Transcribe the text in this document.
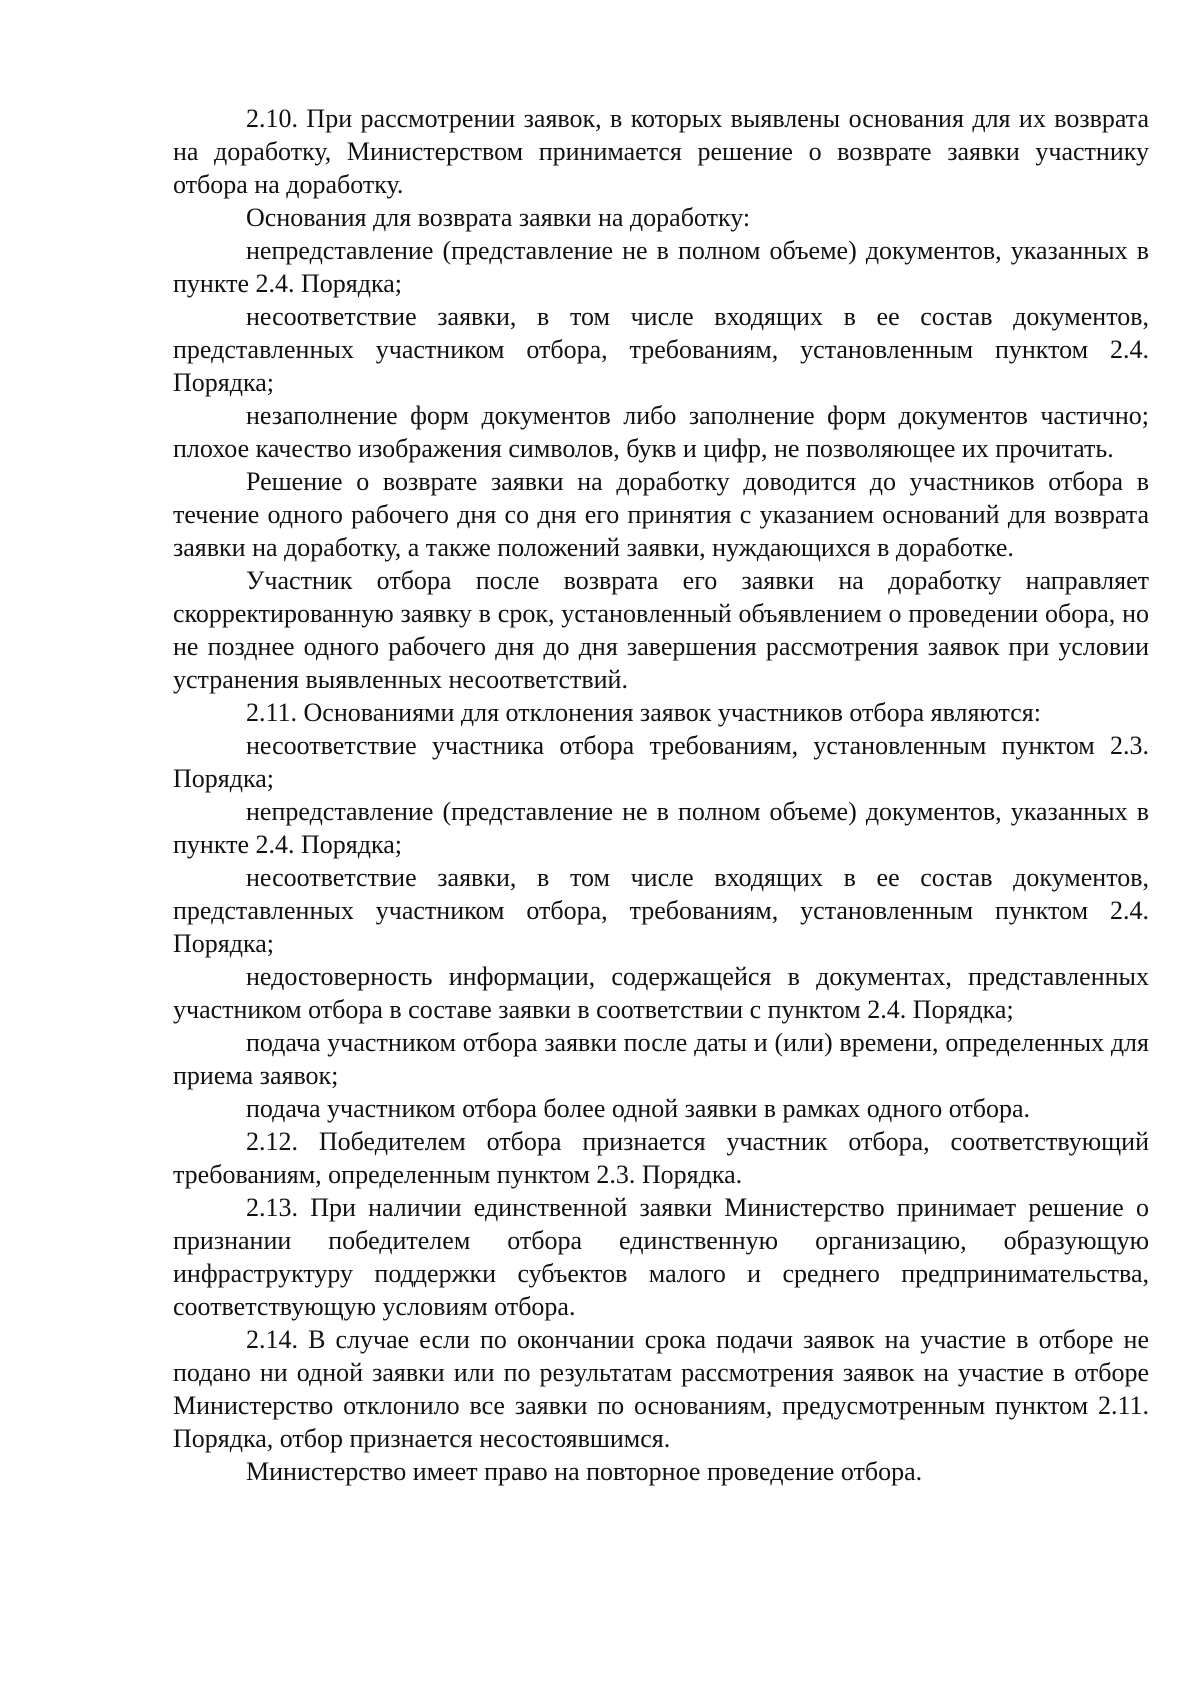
2.10. При рассмотрении заявок, в которых выявлены основания для их возврата на доработку, Министерством принимается решение о возврате заявки участнику отбора на доработку.

Основания для возврата заявки на доработку:

непредставление (представление не в полном объеме) документов, указанных в пункте 2.4. Порядка;

несоответствие заявки, в том числе входящих в ее состав документов, представленных участником отбора, требованиям, установленным пунктом 2.4. Порядка;

незаполнение форм документов либо заполнение форм документов частично; плохое качество изображения символов, букв и цифр, не позволяющее их прочитать.

Решение о возврате заявки на доработку доводится до участников отбора в течение одного рабочего дня со дня его принятия с указанием оснований для возврата заявки на доработку, а также положений заявки, нуждающихся в доработке.

Участник отбора после возврата его заявки на доработку направляет скорректированную заявку в срок, установленный объявлением о проведении обора, но не позднее одного рабочего дня до дня завершения рассмотрения заявок при условии устранения выявленных несоответствий.

2.11. Основаниями для отклонения заявок участников отбора являются:

несоответствие участника отбора требованиям, установленным пунктом 2.3. Порядка;

непредставление (представление не в полном объеме) документов, указанных в пункте 2.4. Порядка;

несоответствие заявки, в том числе входящих в ее состав документов, представленных участником отбора, требованиям, установленным пунктом 2.4. Порядка;

недостоверность информации, содержащейся в документах, представленных участником отбора в составе заявки в соответствии с пунктом 2.4. Порядка;

подача участником отбора заявки после даты и (или) времени, определенных для приема заявок;

подача участником отбора более одной заявки в рамках одного отбора.

2.12. Победителем отбора признается участник отбора, соответствующий требованиям, определенным пунктом 2.3. Порядка.

2.13. При наличии единственной заявки Министерство принимает решение о признании победителем отбора единственную организацию, образующую инфраструктуру поддержки субъектов малого и среднего предпринимательства, соответствующую условиям отбора.

2.14. В случае если по окончании срока подачи заявок на участие в отборе не подано ни одной заявки или по результатам рассмотрения заявок на участие в отборе Министерство отклонило все заявки по основаниям, предусмотренным пунктом 2.11. Порядка, отбор признается несостоявшимся.

Министерство имеет право на повторное проведение отбора.
